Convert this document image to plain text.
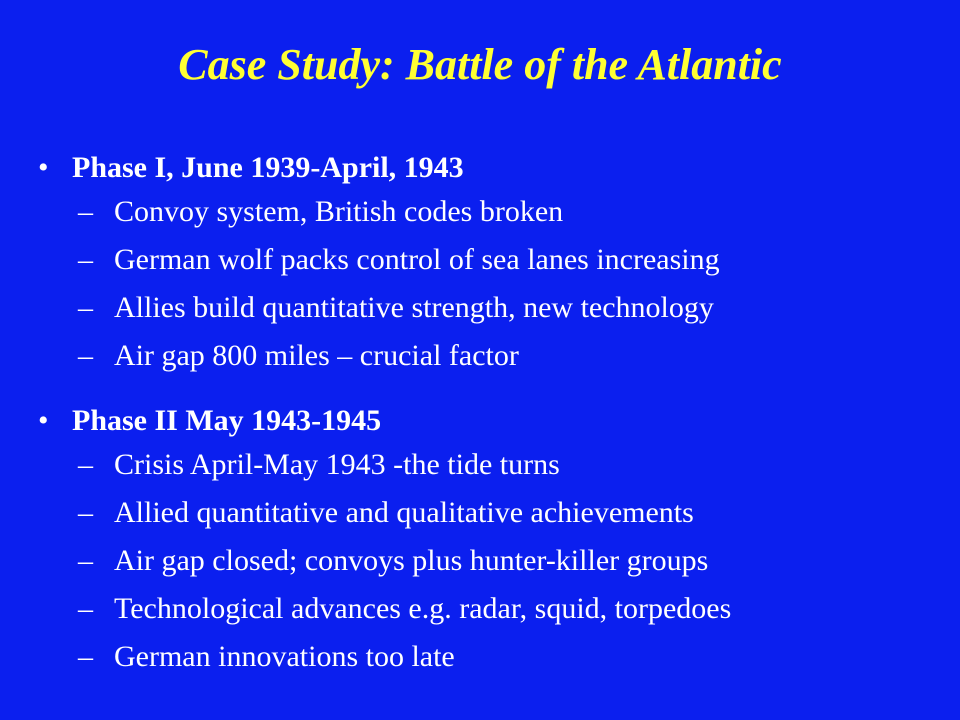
Case Study: Battle of the Atlantic
• Phase I, June 1939-April, 1943
– Convoy system, British codes broken
– German wolf packs control of sea lanes increasing
– Allies build quantitative strength, new technology
– Air gap 800 miles – crucial factor
• Phase II May 1943-1945
– Crisis April-May 1943 -the tide turns
– Allied quantitative and qualitative achievements
– Air gap closed; convoys plus hunter-killer groups
– Technological advances e.g. radar, squid, torpedoes
– German innovations too late
